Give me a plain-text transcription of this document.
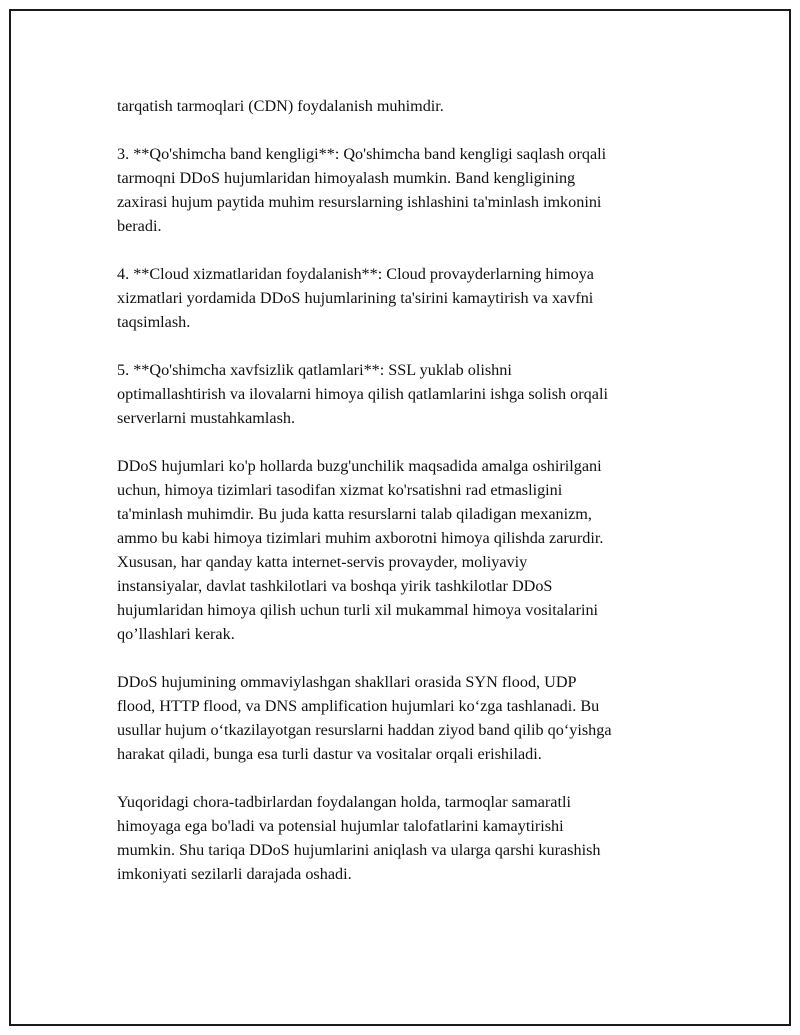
tarqatish tarmoqlari (CDN) foydalanish muhimdir.

3. **Qo'shimcha band kengligi**: Qo'shimcha band kengligi saqlash orqali
tarmoqni DDoS hujumlaridan himoyalash mumkin. Band kengligining
zaxirasi hujum paytida muhim resurslarning ishlashini ta'minlash imkonini
beradi.

4. **Cloud xizmatlaridan foydalanish**: Cloud provayderlarning himoya
xizmatlari yordamida DDoS hujumlarining ta'sirini kamaytirish va xavfni
taqsimlash.

5. **Qo'shimcha xavfsizlik qatlamlari**: SSL yuklab olishni
optimallashtirish va ilovalarni himoya qilish qatlamlarini ishga solish orqali
serverlarni mustahkamlash.

DDoS hujumlari ko'p hollarda buzg'unchilik maqsadida amalga oshirilgani
uchun, himoya tizimlari tasodifan xizmat ko'rsatishni rad etmasligini
ta'minlash muhimdir. Bu juda katta resurslarni talab qiladigan mexanizm,
ammo bu kabi himoya tizimlari muhim axborotni himoya qilishda zarurdir.
Xususan, har qanday katta internet-servis provayder, moliyaviy
instansiyalar, davlat tashkilotlari va boshqa yirik tashkilotlar DDoS
hujumlaridan himoya qilish uchun turli xil mukammal himoya vositalarini
qo’llashlari kerak.

DDoS hujumining ommaviylashgan shakllari orasida SYN flood, UDP
flood, HTTP flood, va DNS amplification hujumlari ko‘zga tashlanadi. Bu
usullar hujum o‘tkazilayotgan resurslarni haddan ziyod band qilib qo‘yishga
harakat qiladi, bunga esa turli dastur va vositalar orqali erishiladi.

Yuqoridagi chora-tadbirlardan foydalangan holda, tarmoqlar samaratli
himoyaga ega bo'ladi va potensial hujumlar talofatlarini kamaytirishi
mumkin. Shu tariqa DDoS hujumlarini aniqlash va ularga qarshi kurashish
imkoniyati sezilarli darajada oshadi.
